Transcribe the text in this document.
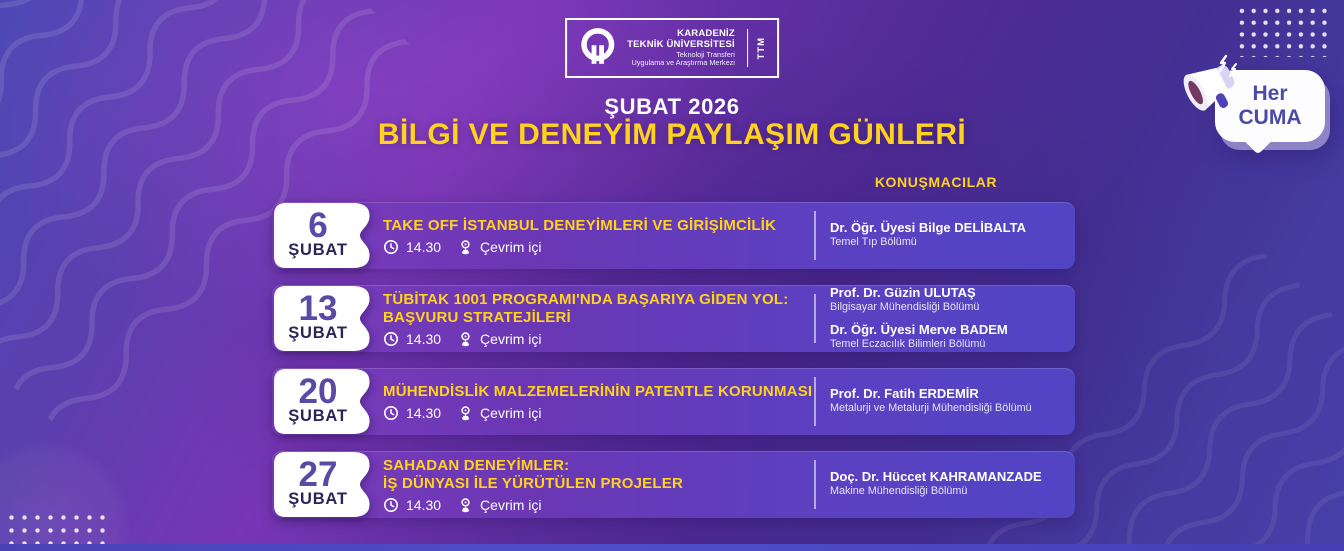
KARADENİZ
TEKNİK ÜNİVERSİTESİ
Teknoloji Transferi
Uygulama ve Araştırma Merkezi
TTM
ŞUBAT 2026
BİLGİ VE DENEYİM PAYLAŞIM GÜNLERİ
KONUŞMACILAR
Her
CUMA
6
ŞUBAT
TAKE OFF İSTANBUL DENEYİMLERİ VE GİRİŞİMCİLİK
14.30	Çevrim içi
Dr. Öğr. Üyesi Bilge DELİBALTA
Temel Tıp Bölümü
13
ŞUBAT
TÜBİTAK 1001 PROGRAMI'NDA BAŞARIYA GİDEN YOL:
BAŞVURU STRATEJİLERİ
14.30	Çevrim içi
Prof. Dr. Güzin ULUTAŞ
Bilgisayar Mühendisliği Bölümü
Dr. Öğr. Üyesi Merve BADEM
Temel Eczacılık Bilimleri Bölümü
20
ŞUBAT
MÜHENDİSLİK MALZEMELERİNİN PATENTLE KORUNMASI
14.30	Çevrim içi
Prof. Dr. Fatih ERDEMİR
Metalurji ve Metalurji Mühendisliği Bölümü
27
ŞUBAT
SAHADAN DENEYİMLER:
İŞ DÜNYASI İLE YÜRÜTÜLEN PROJELER
14.30	Çevrim içi
Doç. Dr. Hüccet KAHRAMANZADE
Makine Mühendisliği Bölümü
